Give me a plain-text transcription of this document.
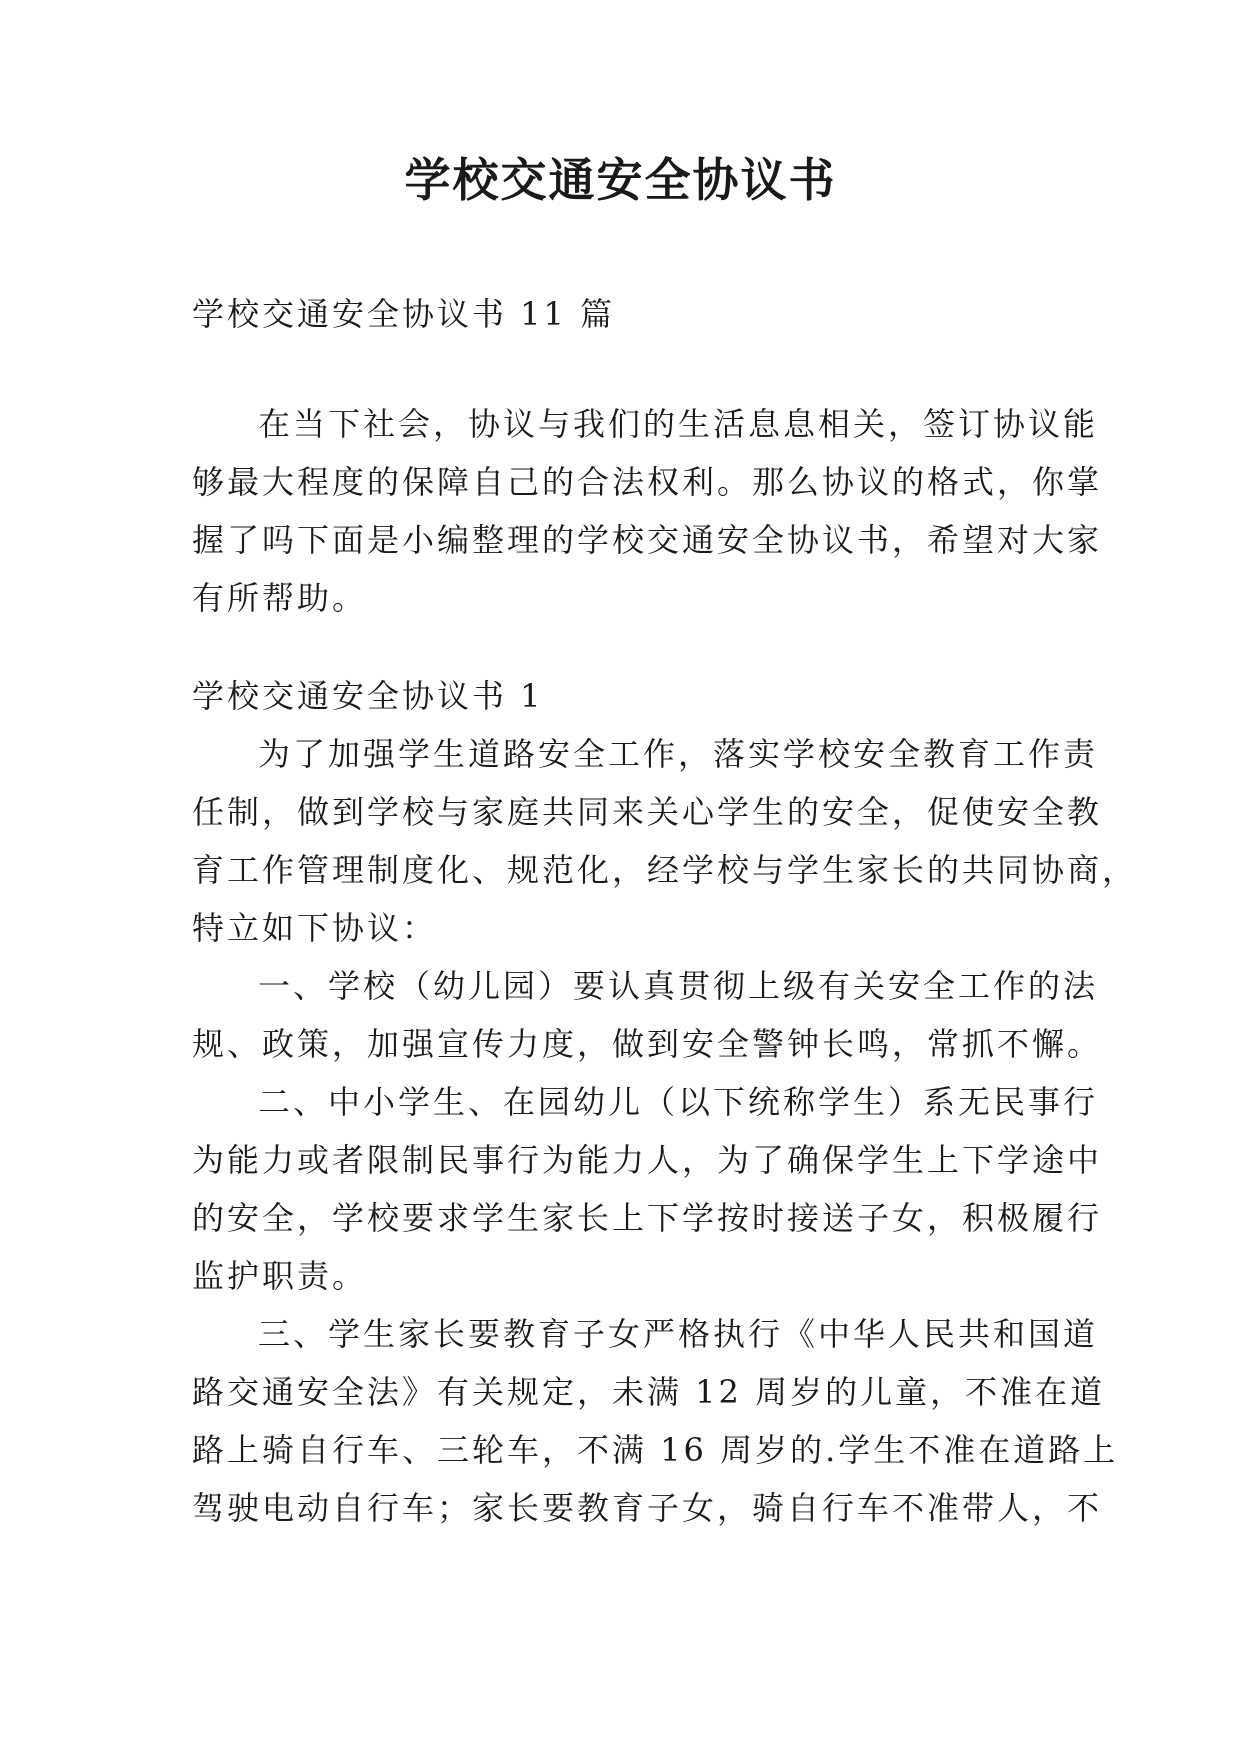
学校交通安全协议书
学校交通安全协议书 11 篇
在当下社会，协议与我们的生活息息相关，签订协议能
够最大程度的保障自己的合法权利。那么协议的格式，你掌
握了吗下面是小编整理的学校交通安全协议书，希望对大家
有所帮助。
学校交通安全协议书 1
为了加强学生道路安全工作，落实学校安全教育工作责
任制，做到学校与家庭共同来关心学生的安全，促使安全教
育工作管理制度化、规范化，经学校与学生家长的共同协商，
特立如下协议：
一、学校（幼儿园）要认真贯彻上级有关安全工作的法
规、政策，加强宣传力度，做到安全警钟长鸣，常抓不懈。
二、中小学生、在园幼儿（以下统称学生）系无民事行
为能力或者限制民事行为能力人，为了确保学生上下学途中
的安全，学校要求学生家长上下学按时接送子女，积极履行
监护职责。
三、学生家长要教育子女严格执行《中华人民共和国道
路交通安全法》有关规定，未满 12 周岁的儿童，不准在道
路上骑自行车、三轮车，不满 16 周岁的.学生不准在道路上
驾驶电动自行车；家长要教育子女，骑自行车不准带人，不
